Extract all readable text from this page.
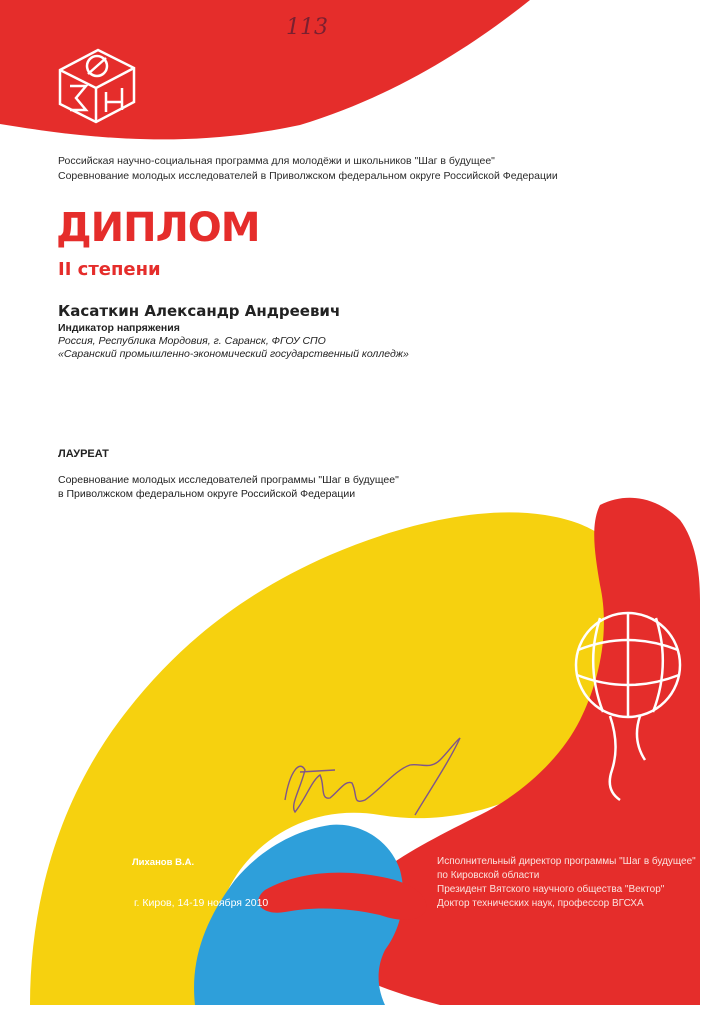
113
Российская научно-социальная программа для молодёжи и школьников "Шаг в будущее"
Соревнование молодых исследователей в Приволжском федеральном округе Российской Федерации
ДИПЛОМ
II степени
Касаткин Александр Андреевич
Индикатор напряжения
Россия, Республика Мордовия, г. Саранск, ФГОУ СПО
«Саранский промышленно-экономический государственный колледж»
ЛАУРЕАТ
Соревнование молодых исследователей программы "Шаг в будущее"
в Приволжском федеральном округе Российской Федерации
Лиханов В.А.
г. Киров, 14-19 ноября 2010
Исполнительный директор программы "Шаг в будущее"
по Кировской области
Президент Вятского научного общества "Вектор"
Доктор технических наук, профессор ВГСХА
